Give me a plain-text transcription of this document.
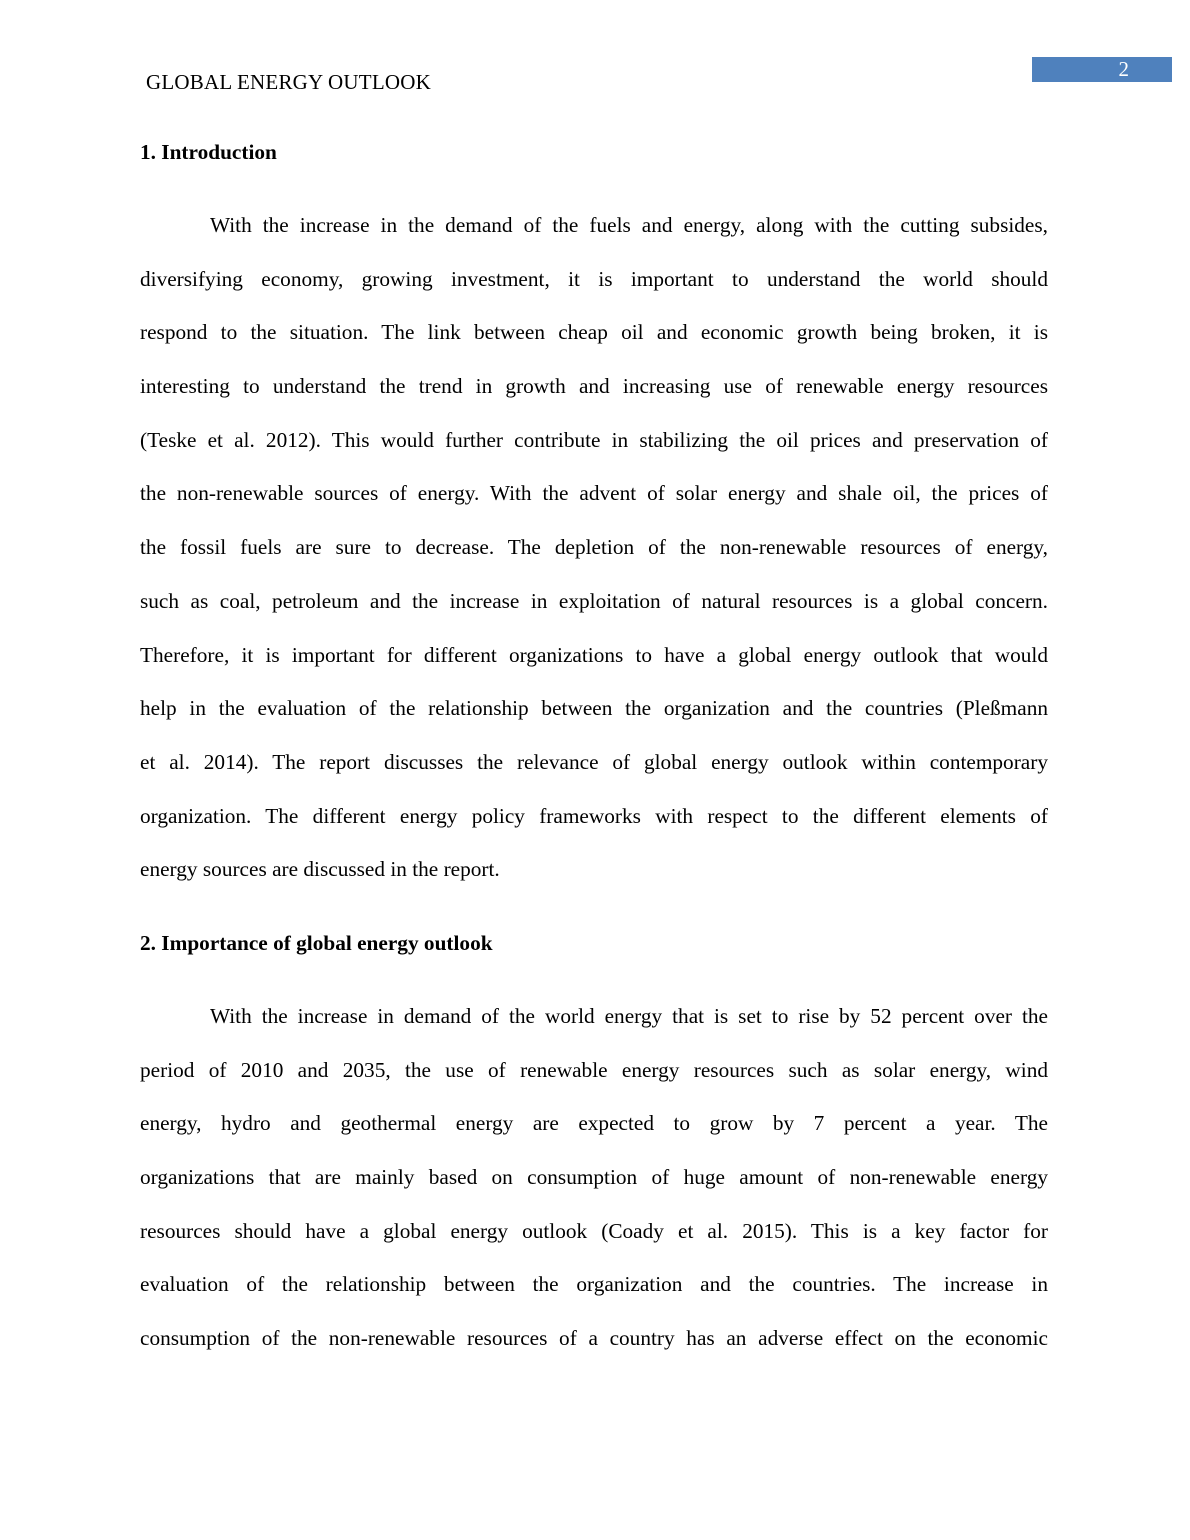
GLOBAL ENERGY OUTLOOK
2
1. Introduction
With the increase in the demand of the fuels and energy, along with the cutting subsides,
diversifying economy, growing investment, it is important to understand the world should
respond to the situation. The link between cheap oil and economic growth being broken, it is
interesting to understand the trend in growth and increasing use of renewable energy resources
(Teske et al. 2012). This would further contribute in stabilizing the oil prices and preservation of
the non-renewable sources of energy. With the advent of solar energy and shale oil, the prices of
the fossil fuels are sure to decrease. The depletion of the non-renewable resources of energy,
such as coal, petroleum and the increase in exploitation of natural resources is a global concern.
Therefore, it is important for different organizations to have a global energy outlook that would
help in the evaluation of the relationship between the organization and the countries (Pleßmann
et al. 2014). The report discusses the relevance of global energy outlook within contemporary
organization. The different energy policy frameworks with respect to the different elements of
energy sources are discussed in the report.
2. Importance of global energy outlook
With the increase in demand of the world energy that is set to rise by 52 percent over the
period of 2010 and 2035, the use of renewable energy resources such as solar energy, wind
energy, hydro and geothermal energy are expected to grow by 7 percent a year. The
organizations that are mainly based on consumption of huge amount of non-renewable energy
resources should have a global energy outlook (Coady et al. 2015). This is a key factor for
evaluation of the relationship between the organization and the countries. The increase in
consumption of the non-renewable resources of a country has an adverse effect on the economic
